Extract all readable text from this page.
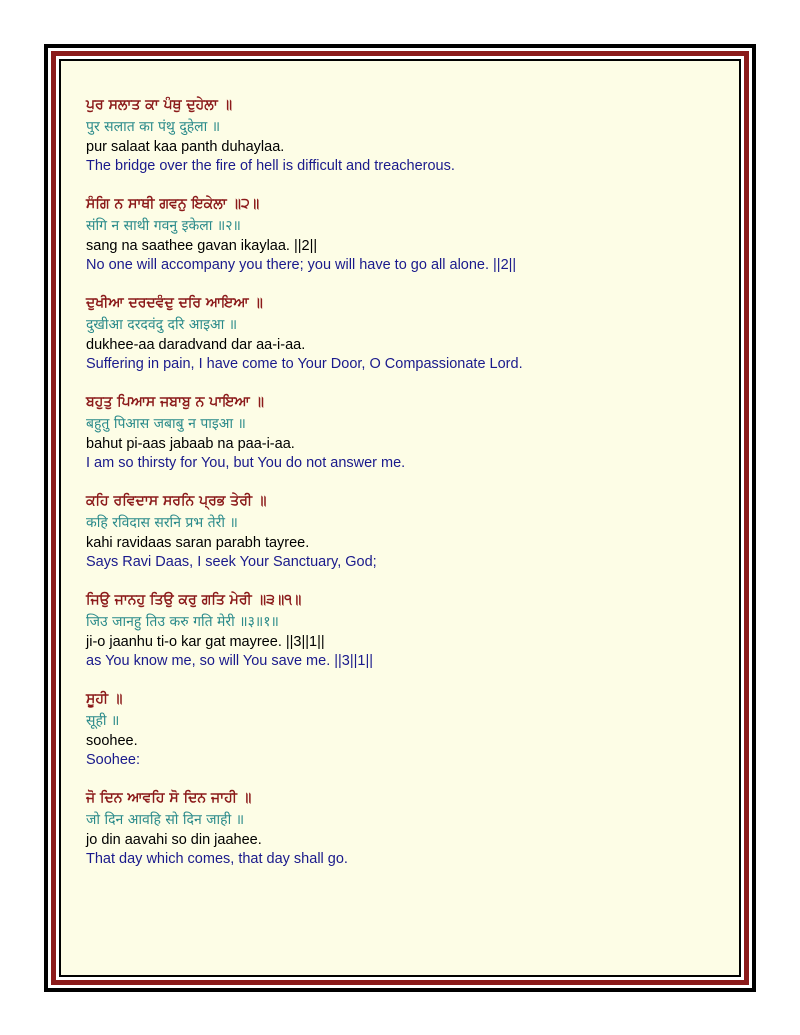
ਪੁਰ ਸਲਾਤ ਕਾ ਪੰਥੁ ਦੁਹੇਲਾ ॥
पुर सलात का पंथु दुहेला ॥
pur salaat kaa panth duhaylaa.
The bridge over the fire of hell is difficult and treacherous.
ਸੰਗਿ ਨ ਸਾਥੀ ਗਵਨੁ ਇਕੇਲਾ ॥੨॥
संगि न साथी गवनु इकेला ॥२॥
sang na saathee gavan ikaylaa. ||2||
No one will accompany you there; you will have to go all alone. ||2||
ਦੁਖੀਆ ਦਰਦਵੰਦੁ ਦਰਿ ਆਇਆ ॥
दुखीआ दरदवंदु दरि आइआ ॥
dukhee-aa daradvand dar aa-i-aa.
Suffering in pain, I have come to Your Door, O Compassionate Lord.
ਬਹੁਤੁ ਪਿਆਸ ਜਬਾਬੁ ਨ ਪਾਇਆ ॥
बहुतु पिआस जबाबु न पाइआ ॥
bahut pi-aas jabaab na paa-i-aa.
I am so thirsty for You, but You do not answer me.
ਕਹਿ ਰਵਿਦਾਸ ਸਰਨਿ ਪ੍ਰਭ ਤੇਰੀ ॥
कहि रविदास सरनि प्रभ तेरी ॥
kahi ravidaas saran parabh tayree.
Says Ravi Daas, I seek Your Sanctuary, God;
ਜਿਉ ਜਾਨਹੁ ਤਿਉ ਕਰੁ ਗਤਿ ਮੇਰੀ ॥੩॥੧॥
जिउ जानहु तिउ करु गति मेरी ॥३॥१॥
ji-o jaanhu ti-o kar gat mayree. ||3||1||
as You know me, so will You save me. ||3||1||
ਸੂਹੀ ॥
सूही ॥
soohee.
Soohee:
ਜੋ ਦਿਨ ਆਵਹਿ ਸੋ ਦਿਨ ਜਾਹੀ ॥
जो दिन आवहि सो दिन जाही ॥
jo din aavahi so din jaahee.
That day which comes, that day shall go.
